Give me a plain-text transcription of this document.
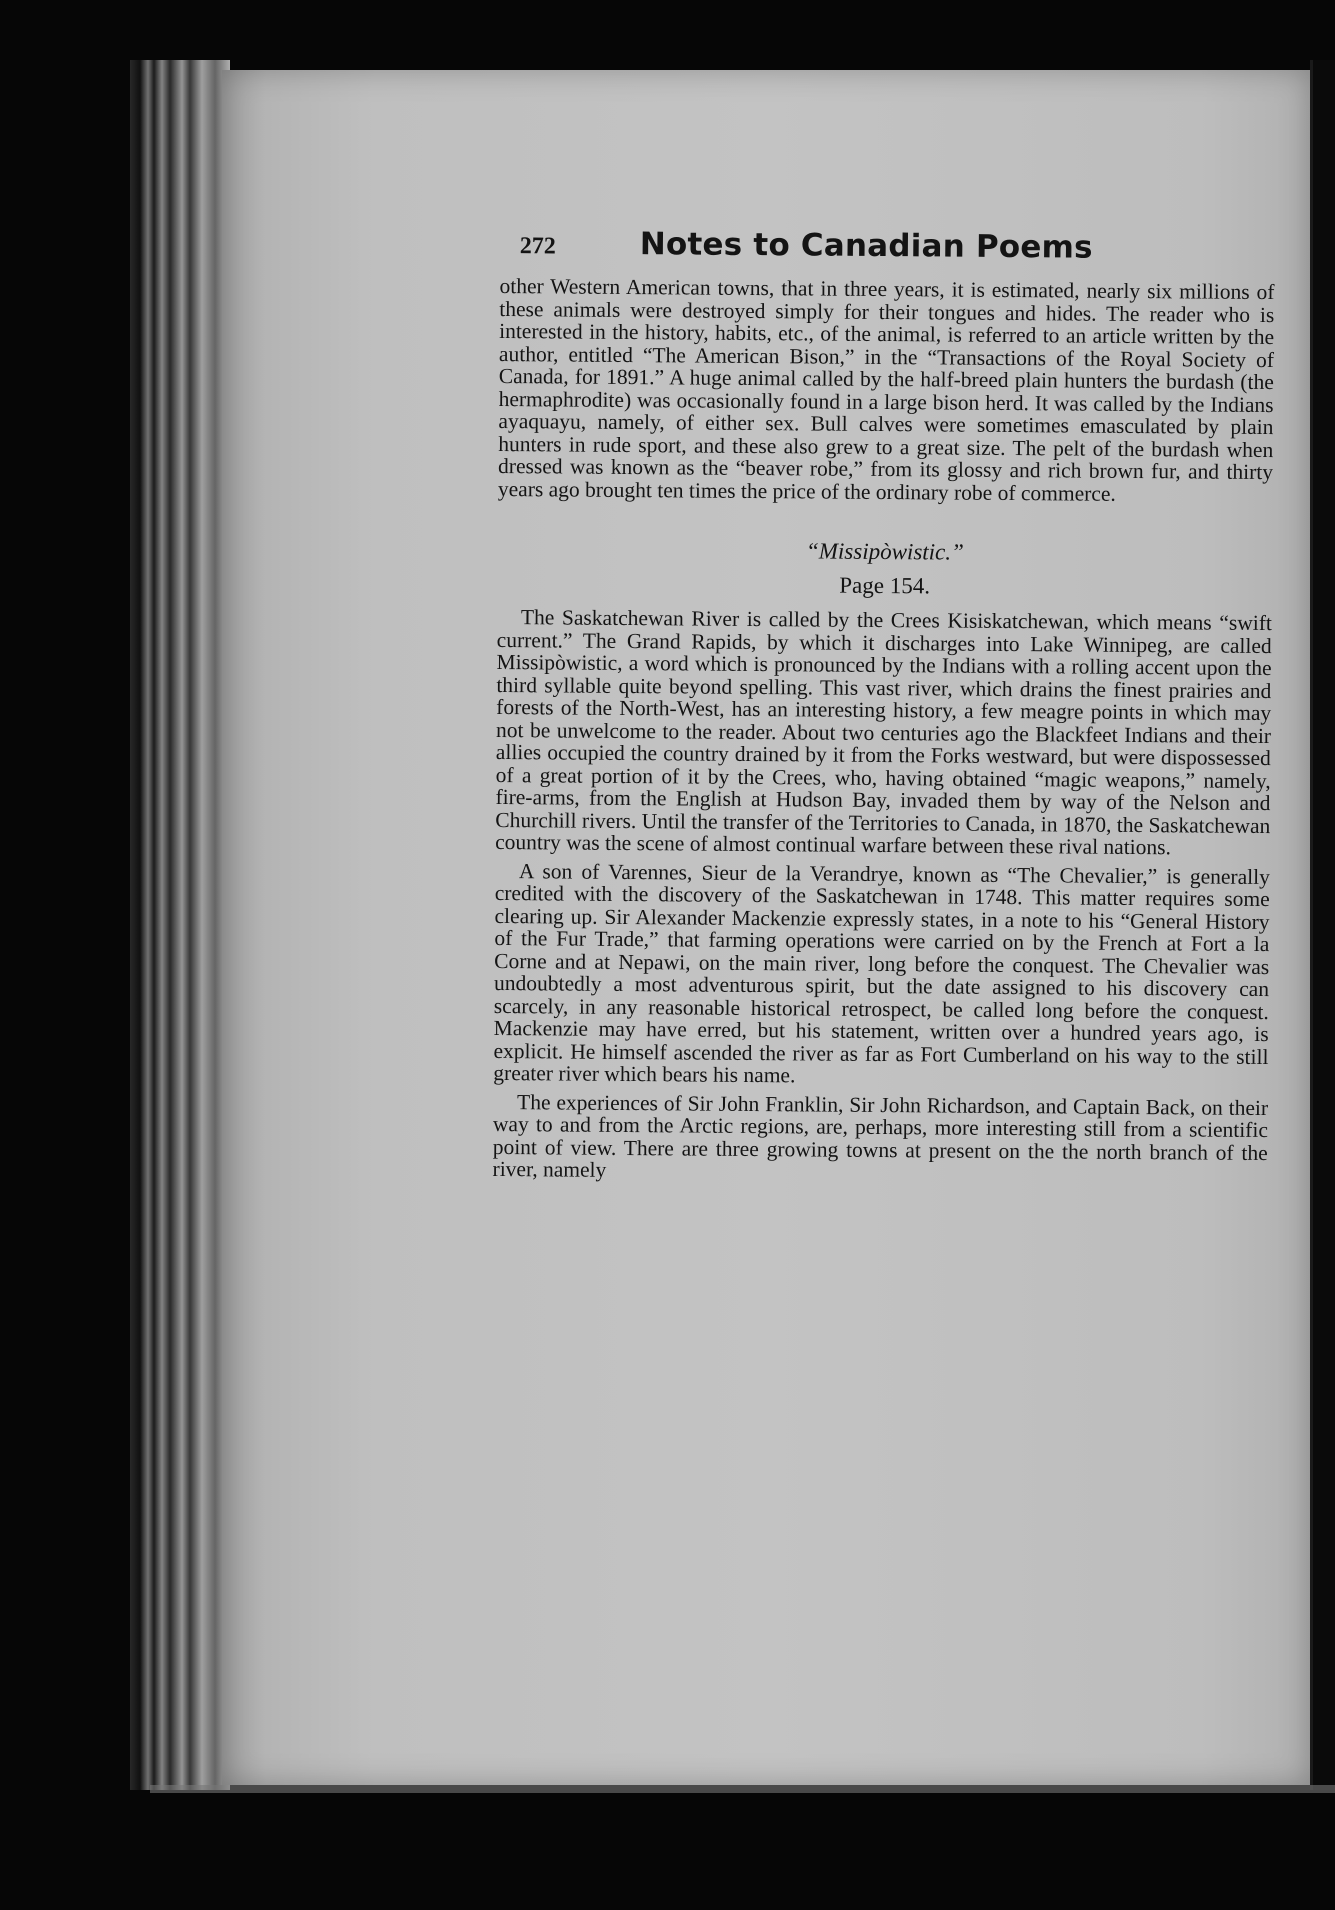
272	Notes to Canadian Poems

other Western American towns, that in three years, it is estimated, nearly six millions of these animals were destroyed simply for their tongues and hides. The reader who is interested in the history, habits, etc., of the animal, is referred to an article written by the author, entitled “The American Bison,” in the “Transactions of the Royal Society of Canada, for 1891.” A huge animal called by the half-breed plain hunters the burdash (the hermaphrodite) was occasionally found in a large bison herd. It was called by the Indians ayaquayu, namely, of either sex. Bull calves were sometimes emasculated by plain hunters in rude sport, and these also grew to a great size. The pelt of the burdash when dressed was known as the “beaver robe,” from its glossy and rich brown fur, and thirty years ago brought ten times the price of the ordinary robe of commerce.

“Missipòwistic.”
Page 154.

The Saskatchewan River is called by the Crees Kisiskatchewan, which means “swift current.” The Grand Rapids, by which it discharges into Lake Winnipeg, are called Missipòwistic, a word which is pronounced by the Indians with a rolling accent upon the third syllable quite beyond spelling. This vast river, which drains the finest prairies and forests of the North-West, has an interesting history, a few meagre points in which may not be unwelcome to the reader. About two centuries ago the Blackfeet Indians and their allies occupied the country drained by it from the Forks westward, but were dispossessed of a great portion of it by the Crees, who, having obtained “magic weapons,” namely, fire-arms, from the English at Hudson Bay, invaded them by way of the Nelson and Churchill rivers. Until the transfer of the Territories to Canada, in 1870, the Saskatchewan country was the scene of almost continual warfare between these rival nations.

A son of Varennes, Sieur de la Verandrye, known as “The Chevalier,” is generally credited with the discovery of the Saskatchewan in 1748. This matter requires some clearing up. Sir Alexander Mackenzie expressly states, in a note to his “General History of the Fur Trade,” that farming operations were carried on by the French at Fort a la Corne and at Nepawi, on the main river, long before the conquest. The Chevalier was undoubtedly a most adventurous spirit, but the date assigned to his discovery can scarcely, in any reasonable historical retrospect, be called long before the conquest. Mackenzie may have erred, but his statement, written over a hundred years ago, is explicit. He himself ascended the river as far as Fort Cumberland on his way to the still greater river which bears his name.

The experiences of Sir John Franklin, Sir John Richardson, and Captain Back, on their way to and from the Arctic regions, are, perhaps, more interesting still from a scientific point of view. There are three growing towns at present on the the north branch of the river, namely
